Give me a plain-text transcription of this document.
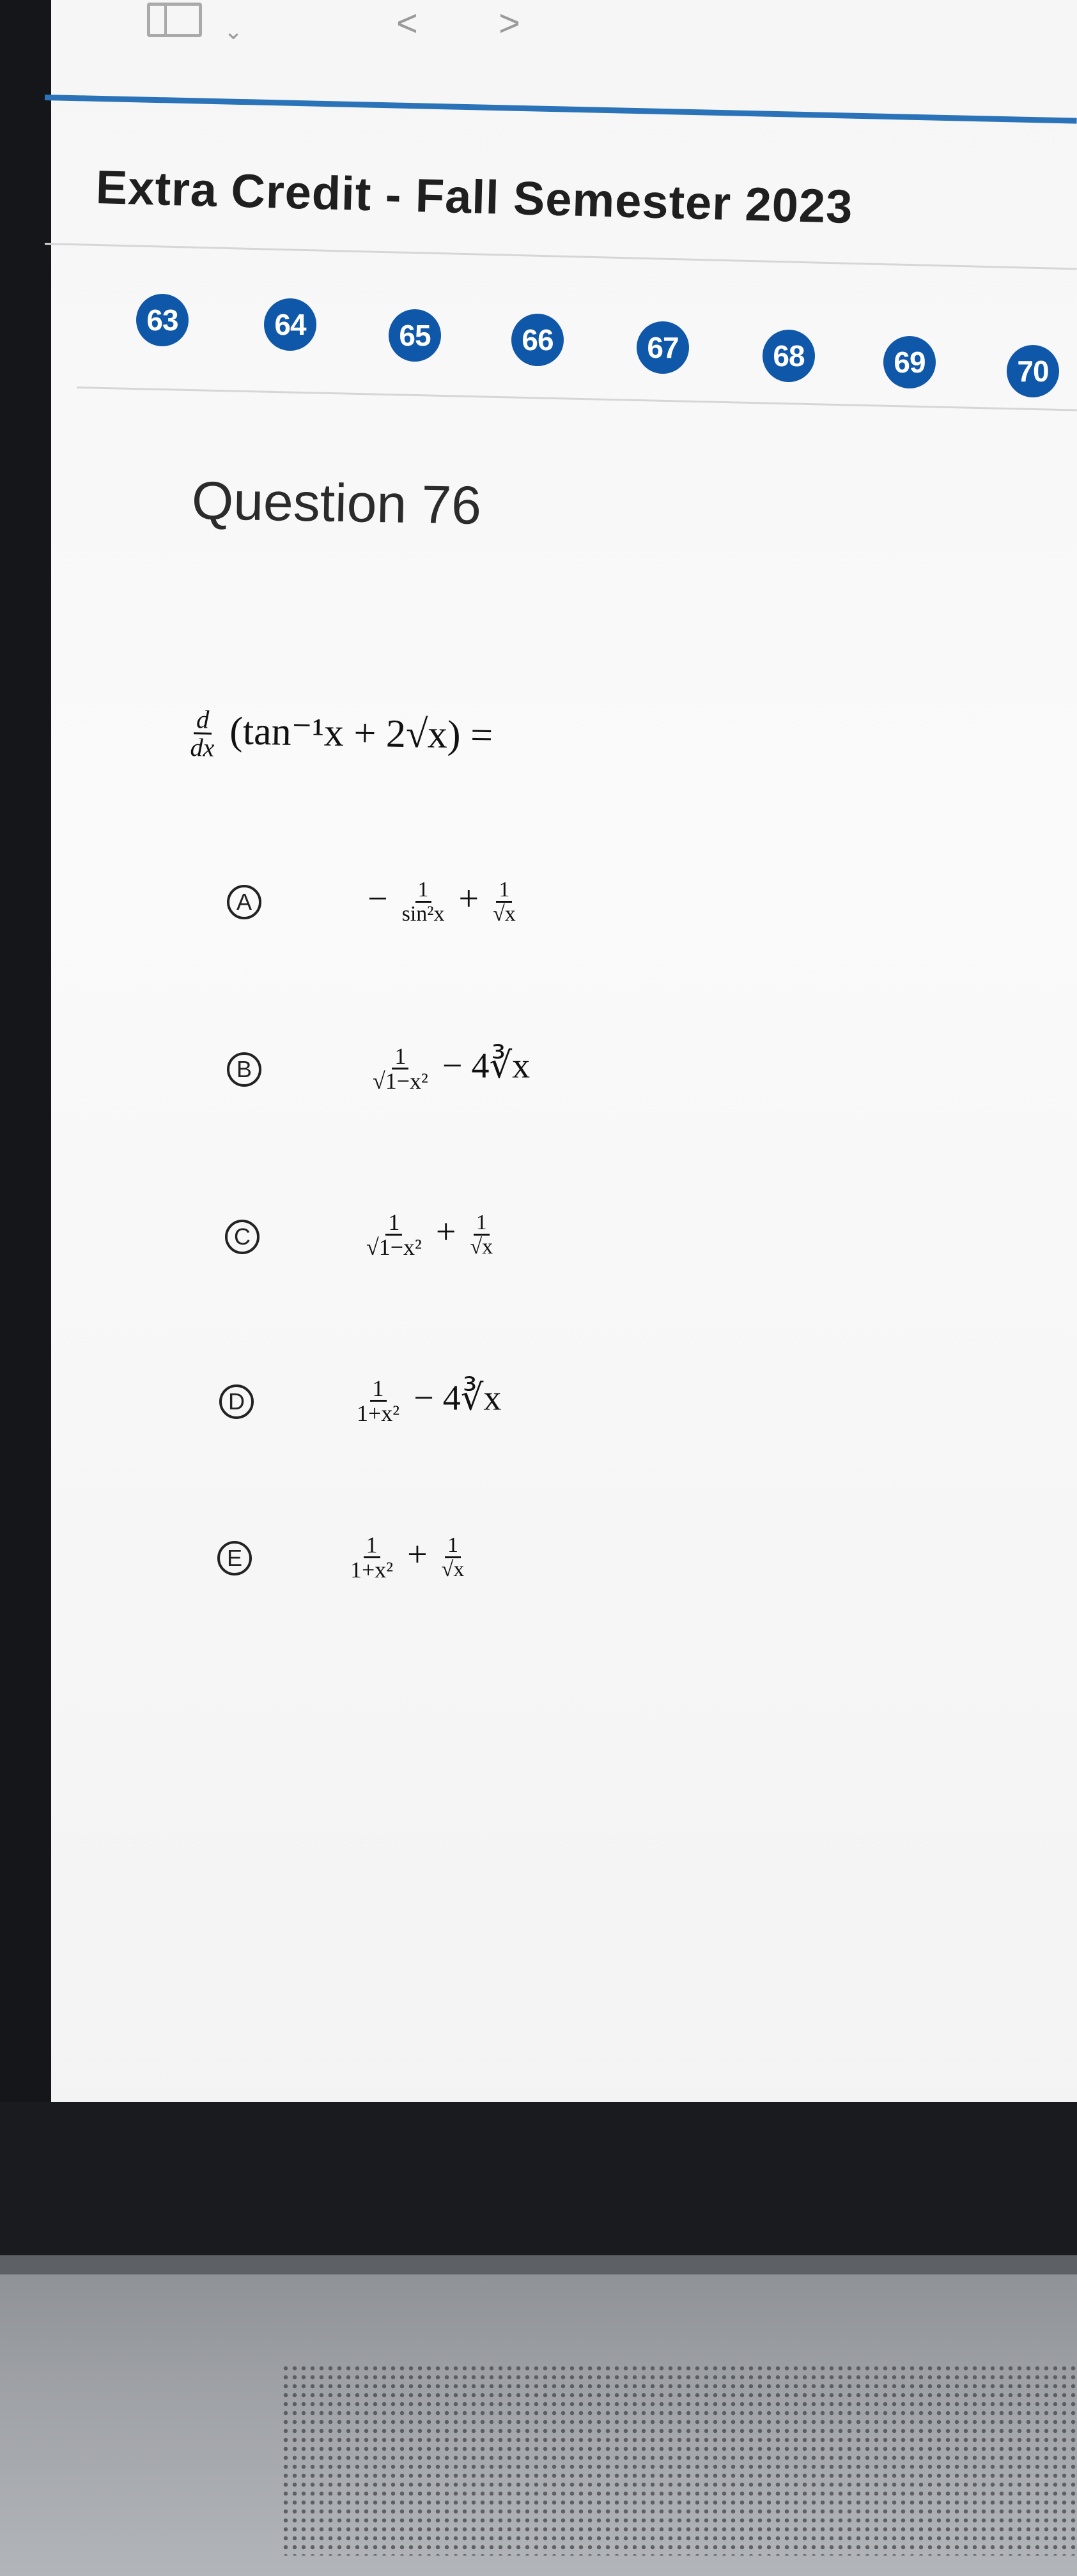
⌄	< >
Extra Credit - Fall Semester 2023
63	64	65	66	67	68	69	70
Question 76
$\frac{d}{dx} (\tan^{-1}x + 2√x)$ =
A	− $\frac{1}{\text{sin²x}} + \frac{1}{√x}$
B	$\frac{1}{\text{√1−x²}}$ − 4∛x
C	$\frac{1}{\text{√1−x²}} + \frac{1}{√x}$
D	$\frac{1}{\text{1+x²}}$ − 4∛x
E	$\frac{1}{\text{1+x²}} + \frac{1}{√x}$
